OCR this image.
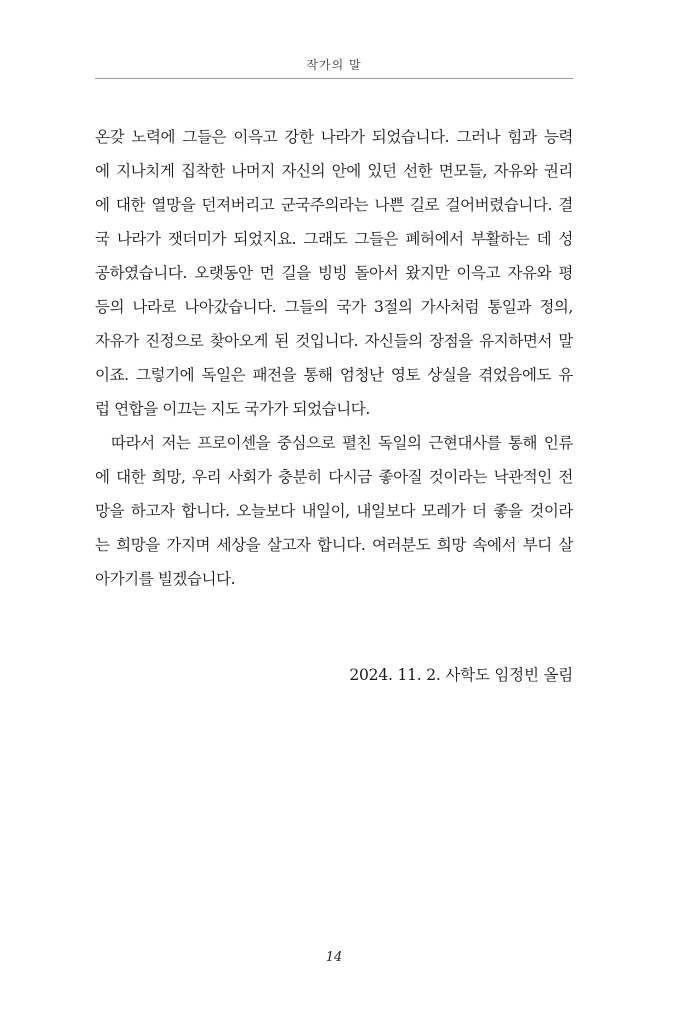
작가의 말
온갖 노력에 그들은 이윽고 강한 나라가 되었습니다. 그러나 힘과 능력
에 지나치게 집착한 나머지 자신의 안에 있던 선한 면모들, 자유와 권리
에 대한 열망을 던져버리고 군국주의라는 나쁜 길로 걸어버렸습니다. 결
국 나라가 잿더미가 되었지요. 그래도 그들은 폐허에서 부활하는 데 성
공하였습니다. 오랫동안 먼 길을 빙빙 돌아서 왔지만 이윽고 자유와 평
등의 나라로 나아갔습니다. 그들의 국가 3절의 가사처럼 통일과 정의,
자유가 진정으로 찾아오게 된 것입니다. 자신들의 장점을 유지하면서 말
이죠. 그렇기에 독일은 패전을 통해 엄청난 영토 상실을 겪었음에도 유
럽 연합을 이끄는 지도 국가가 되었습니다.
따라서 저는 프로이센을 중심으로 펼친 독일의 근현대사를 통해 인류
에 대한 희망, 우리 사회가 충분히 다시금 좋아질 것이라는 낙관적인 전
망을 하고자 합니다. 오늘보다 내일이, 내일보다 모레가 더 좋을 것이라
는 희망을 가지며 세상을 살고자 합니다. 여러분도 희망 속에서 부디 살
아가기를 빌겠습니다.
2024. 11. 2. 사학도 임정빈 올림
14
